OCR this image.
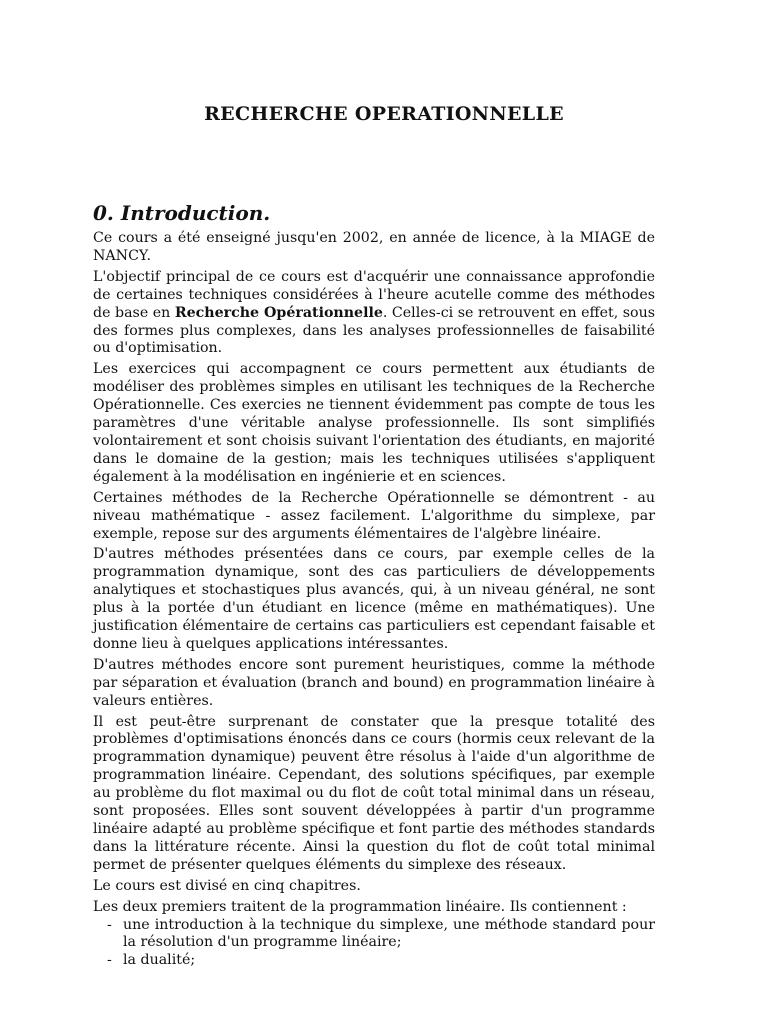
RECHERCHE OPERATIONNELLE
0. Introduction.

Ce cours a été enseigné jusqu'en 2002, en année de licence, à la MIAGE de NANCY.

L'objectif principal de ce cours est d'acquérir une connaissance approfondie de certaines techniques considérées à l'heure acutelle comme des méthodes de base en Recherche Opérationnelle. Celles-ci se retrouvent en effet, sous des formes plus complexes, dans les analyses professionnelles de faisabilité ou d'optimisation.

Les exercices qui accompagnent ce cours permettent aux étudiants de modéliser des problèmes simples en utilisant les techniques de la Recherche Opérationnelle. Ces exercies ne tiennent évidemment pas compte de tous les paramètres d'une véritable analyse professionnelle. Ils sont simplifiés volontairement et sont choisis suivant l'orientation des étudiants, en majorité dans le domaine de la gestion; mais les techniques utilisées s'appliquent également à la modélisation en ingénierie et en sciences.

Certaines méthodes de la Recherche Opérationnelle se démontrent - au niveau mathématique - assez facilement. L'algorithme du simplexe, par exemple, repose sur des arguments élémentaires de l'algèbre linéaire.

D'autres méthodes présentées dans ce cours, par exemple celles de la programmation dynamique, sont des cas particuliers de développements analytiques et stochastiques plus avancés, qui, à un niveau général, ne sont plus à la portée d'un étudiant en licence (même en mathématiques). Une justification élémentaire de certains cas particuliers est cependant faisable et donne lieu à quelques applications intéressantes.

D'autres méthodes encore sont purement heuristiques, comme la méthode par séparation et évaluation (branch and bound) en programmation linéaire à valeurs entières.

Il est peut-être surprenant de constater que la presque totalité des problèmes d'optimisations énoncés dans ce cours (hormis ceux relevant de la programmation dynamique) peuvent être résolus à l'aide d'un algorithme de programmation linéaire. Cependant, des solutions spécifiques, par exemple au problème du flot maximal ou du flot de coût total minimal dans un réseau, sont proposées. Elles sont souvent développées à partir d'un programme linéaire adapté au problème spécifique et font partie des méthodes standards dans la littérature récente. Ainsi la question du flot de coût total minimal permet de présenter quelques éléments du simplexe des réseaux.

Le cours est divisé en cinq chapitres.

Les deux premiers traitent de la programmation linéaire. Ils contiennent :

- une introduction à la technique du simplexe, une méthode standard pour la résolution d'un programme linéaire;
- la dualité;
